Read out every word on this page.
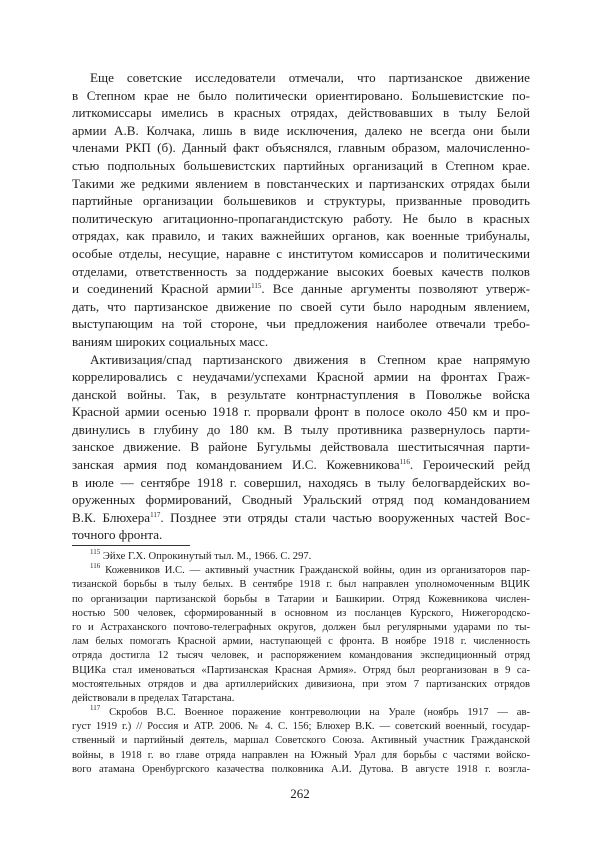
Еще советские исследователи отмечали, что партизанское движение
в Степном крае не было политически ориентировано. Большевистские по-
литкомиссары имелись в красных отрядах, действовавших в тылу Белой
армии А.В. Колчака, лишь в виде исключения, далеко не всегда они были
членами РКП (б). Данный факт объяснялся, главным образом, малочисленно-
стью подпольных большевистских партийных организаций в Степном крае.
Такими же редкими явлением в повстанческих и партизанских отрядах были
партийные организации большевиков и структуры, призванные проводить
политическую агитационно-пропагандистскую работу. Не было в красных
отрядах, как правило, и таких важнейших органов, как военные трибуналы,
особые отделы, несущие, наравне с институтом комиссаров и политическими
отделами, ответственность за поддержание высоких боевых качеств полков
и соединений Красной армии$^{115}$. Все данные аргументы позволяют утверж-
дать, что партизанское движение по своей сути было народным явлением,
выступающим на той стороне, чьи предложения наиболее отвечали требо-
ваниям широких социальных масс.
Активизация/спад партизанского движения в Степном крае напрямую
коррелировались с неудачами/успехами Красной армии на фронтах Граж-
данской войны. Так, в результате контрнаступления в Поволжье войска
Красной армии осенью 1918 г. прорвали фронт в полосе около 450 км и про-
двинулись в глубину до 180 км. В тылу противника развернулось парти-
занское движение. В районе Бугульмы действовала шеститысячная парти-
занская армия под командованием И.С. Кожевникова$^{116}$. Героический рейд
в июле — сентябре 1918 г. совершил, находясь в тылу белогвардейских во-
оруженных формирований, Сводный Уральский отряд под командованием
В.К. Блюхера$^{117}$. Позднее эти отряды стали частью вооруженных частей Вос-
точного фронта.
$^{115}$ Эйхе Г.Х. Опрокинутый тыл. М., 1966. С. 297.
$^{116}$ Кожевников И.С. — активный участник Гражданской войны, один из организаторов пар-
тизанской борьбы в тылу белых. В сентябре 1918 г. был направлен уполномоченным ВЦИК
по организации партизанской борьбы в Татарии и Башкирии. Отряд Кожевникова числен-
ностью 500 человек, сформированный в основном из посланцев Курского, Нижегородско-
го и Астраханского почтово-телеграфных округов, должен был регулярными ударами по ты-
лам белых помогать Красной армии, наступающей с фронта. В ноябре 1918 г. численность
отряда достигла 12 тысяч человек, и распоряжением командования экспедиционный отряд
ВЦИКа стал именоваться «Партизанская Красная Армия». Отряд был реорганизован в 9 са-
мостоятельных отрядов и два артиллерийских дивизиона, при этом 7 партизанских отрядов
действовали в пределах Татарстана.
$^{117}$ Скробов В.С. Военное поражение контреволюции на Урале (ноябрь 1917 — ав-
густ 1919 г.) // Россия и АТР. 2006. № 4. С. 156; Блюхер В.К. — советский военный, государ-
ственный и партийный деятель, маршал Советского Союза. Активный участник Гражданской
войны, в 1918 г. во главе отряда направлен на Южный Урал для борьбы с частями войско-
вого атамана Оренбургского казачества полковника А.И. Дутова. В августе 1918 г. возгла-
262
